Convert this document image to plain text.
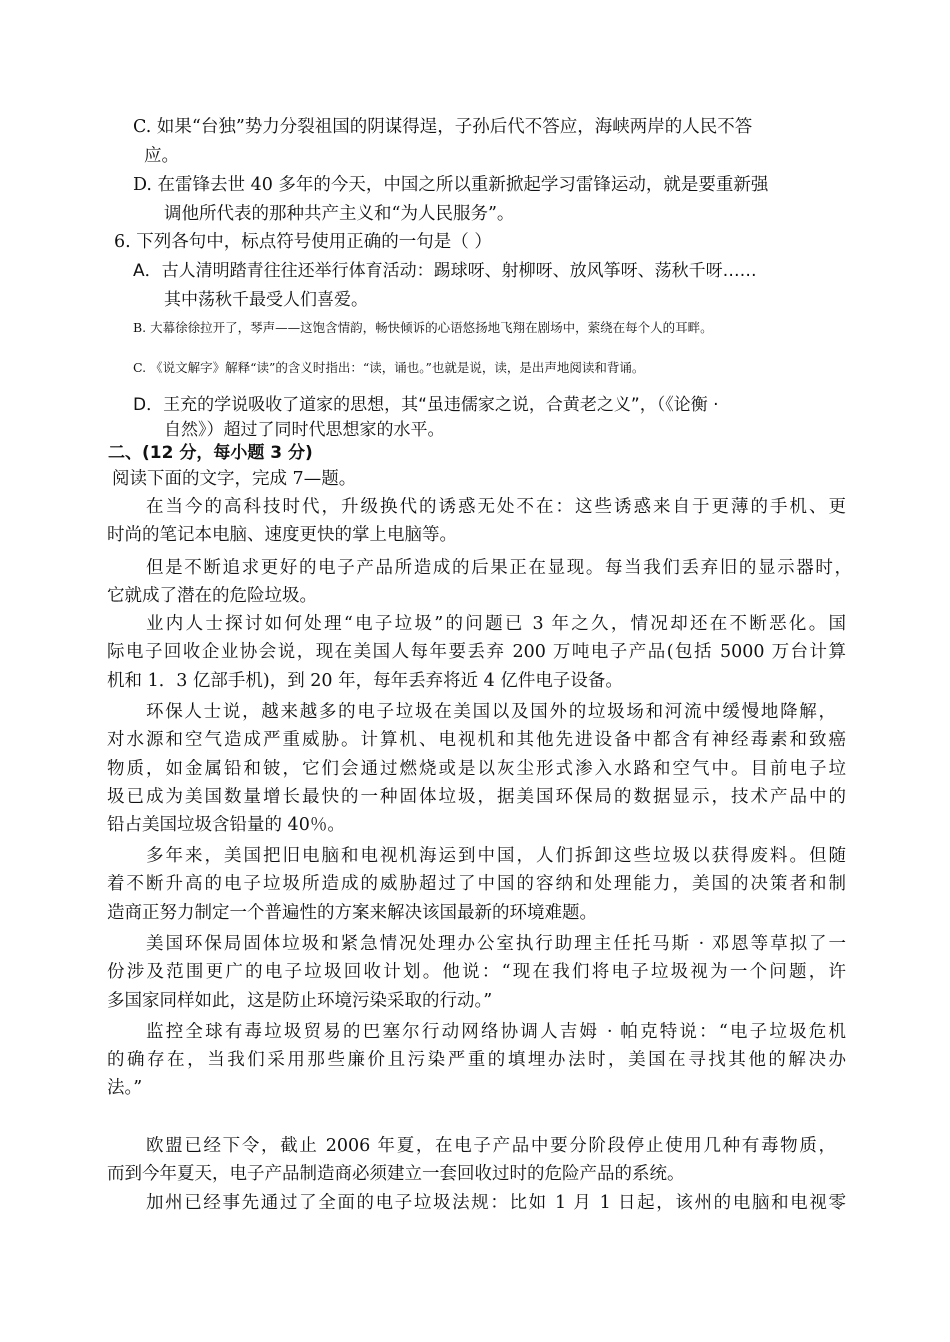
C. 如果“台独”势力分裂祖国的阴谋得逞，子孙后代不答应，海峡两岸的人民不答
应。
D. 在雷锋去世 40 多年的今天，中国之所以重新掀起学习雷锋运动，就是要重新强
调他所代表的那种共产主义和“为人民服务”。
6. 下列各句中，标点符号使用正确的一句是（ ）
A．古人清明踏青往往还举行体育活动：踢球呀、射柳呀、放风筝呀、荡秋千呀……
其中荡秋千最受人们喜爱。
B. 大幕徐徐拉开了，琴声——这饱含情韵，畅快倾诉的心语悠扬地飞翔在剧场中，萦绕在每个人的耳畔。
C. 《说文解字》解释“读”的含义时指出：“读，诵也。”也就是说，读，是出声地阅读和背诵。
D．王充的学说吸收了道家的思想，其“虽违儒家之说，合黄老之义”，（《论衡 ·
自然》）超过了同时代思想家的水平。
二、(12 分，每小题 3 分)
阅读下面的文字，完成 7—题。
在当今的高科技时代，升级换代的诱惑无处不在：这些诱惑来自于更薄的手机、更
时尚的笔记本电脑、速度更快的掌上电脑等。
但是不断追求更好的电子产品所造成的后果正在显现。每当我们丢弃旧的显示器时，
它就成了潜在的危险垃圾。
业内人士探讨如何处理“电子垃圾”的问题已 3 年之久，情况却还在不断恶化。国
际电子回收企业协会说，现在美国人每年要丢弃 200 万吨电子产品(包括 5000 万台计算
机和 1．3 亿部手机)，到 20 年，每年丢弃将近 4 亿件电子设备。
环保人士说，越来越多的电子垃圾在美国以及国外的垃圾场和河流中缓慢地降解，
对水源和空气造成严重威胁。计算机、电视机和其他先进设备中都含有神经毒素和致癌
物质，如金属铅和铍，它们会通过燃烧或是以灰尘形式渗入水路和空气中。目前电子垃
圾已成为美国数量增长最快的一种固体垃圾，据美国环保局的数据显示，技术产品中的
铅占美国垃圾含铅量的 40％。
多年来，美国把旧电脑和电视机海运到中国，人们拆卸这些垃圾以获得废料。但随
着不断升高的电子垃圾所造成的威胁超过了中国的容纳和处理能力，美国的决策者和制
造商正努力制定一个普遍性的方案来解决该国最新的环境难题。
美国环保局固体垃圾和紧急情况处理办公室执行助理主任托马斯 · 邓恩等草拟了一
份涉及范围更广的电子垃圾回收计划。他说：“现在我们将电子垃圾视为一个问题，许
多国家同样如此，这是防止环境污染采取的行动。”
监控全球有毒垃圾贸易的巴塞尔行动网络协调人吉姆 · 帕克特说：“电子垃圾危机
的确存在，当我们采用那些廉价且污染严重的填埋办法时，美国在寻找其他的解决办
法。”
欧盟已经下令，截止 2006 年夏，在电子产品中要分阶段停止使用几种有毒物质，
而到今年夏天，电子产品制造商必须建立一套回收过时的危险产品的系统。
加州已经事先通过了全面的电子垃圾法规：比如 1 月 1 日起，该州的电脑和电视零
